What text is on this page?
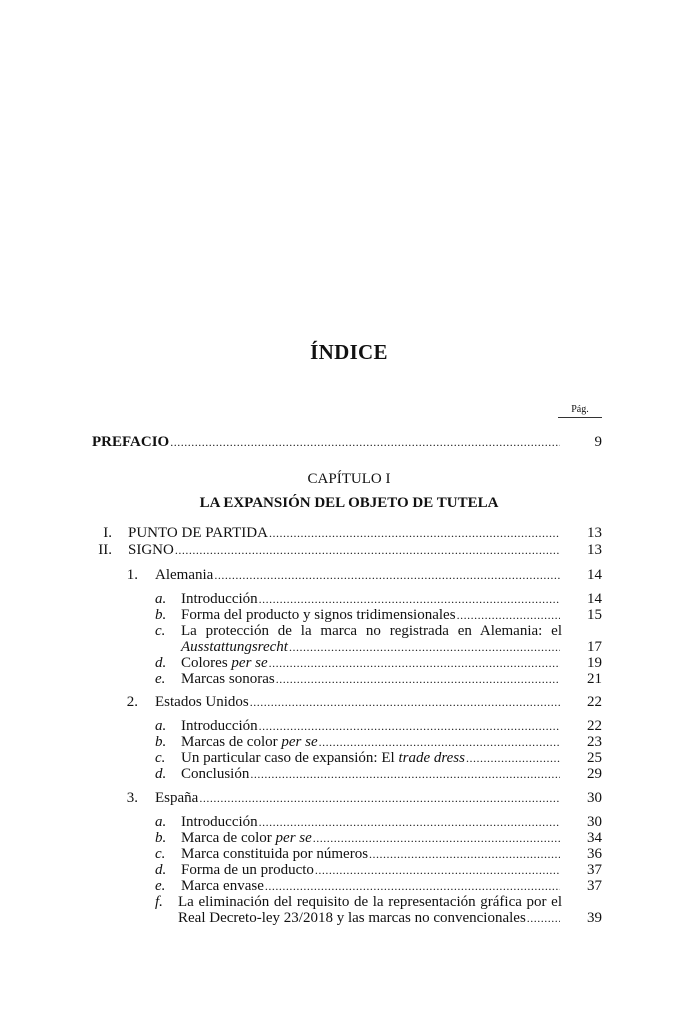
ÍNDICE
Pág.
PREFACIO .....	9
CAPÍTULO I
LA EXPANSIÓN DEL OBJETO DE TUTELA
I. PUNTO DE PARTIDA .....	13
II. SIGNO .....	13
1. Alemania .....	14
a. Introducción .....	14
b. Forma del producto y signos tridimensionales .....	15
c.	La protección de la marca no registrada en Alemania: el
Ausstattungsrecht .....	17
d. Colores per se .....	19
e.	Marcas sonoras .....	21
2. Estados Unidos .....	22
a. Introducción .....	22
b. Marcas de color per se .....	23
c.	Un particular caso de expansión: El trade dress .....	25
d. Conclusión .....	29
3. España .....	30
a. Introducción .....	30
b. Marca de color per se .....	34
c.	Marca constituida por números .....	36
d. Forma de un producto .....	37
e.	Marca envase .....	37
f.	La eliminación del requisito de la representación gráfica por el
Real Decreto-ley 23/2018 y las marcas no convencionales .....	39
